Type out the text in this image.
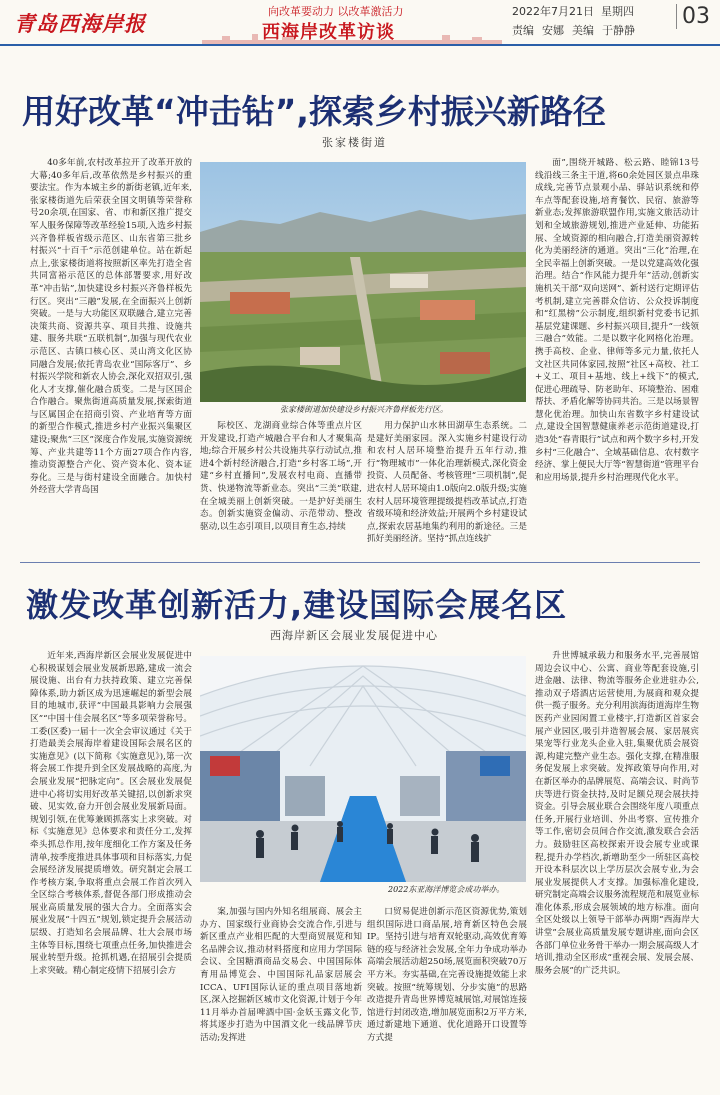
青岛西海岸报	向改革要动力 以改革激活力
西海岸改革访谈
2022年7月21日 星期四
责编 安娜 美编 于静静
03
用好改革“冲击钻”,探索乡村振兴新路径
张家楼街道

40多年前,农村改革拉开了改革开放的大幕;40多年后,改革依然是乡村振兴的重要法宝。作为本城主乡的新街老镇,近年来,张家楼街道先后荣获全国文明镇等荣誉称号20余项,在国家、省、市和新区推广提交军人服务保障等改革经验15项,入选乡村振兴齐鲁样板省级示范区、山东省第三批乡村振兴“十百千”示范创建单位。站在新起点上,张家楼街道将按照新区率先打造全省共同富裕示范区的总体部署要求,用好改革“冲击钻”,加快建设乡村振兴齐鲁样板先行区。突出“三融”发展,在全面振兴上创新突破。一是与大功能区双联融合,建立完善决策共商、资源共享、项目共推、设施共建、服务共联“五联机制”,加强与现代农业示范区、古镇口核心区、灵山湾文化区协同融合发展;依托青岛农业“国际客厅”、乡村振兴学院和新农人协会,深化双招双引,强化人才支撑,催化融合质变。二是与区国企合作融合。聚焦街道高质量发展,探索街道与区属国企在招商引资、产业培育等方面的新型合作模式,推进乡村产业振兴集聚区建设;聚焦“三区”深度合作发展,实施资源统筹、产业共建等11个方面27项合作内容,推动资源整合产化、资产资本化、资本证券化。三是与街村建设全面融合。加快村外经营大学青岛国

张家楼街道加快建设乡村振兴齐鲁样板先行区。

际校区、龙湖商业综合体等重点片区开发建设,打造产城融合平台和人才聚集高地;综合开展乡村公共设施共享行动试点,推进4个新村经济融合,打造“乡村客工场”,开建“乡村直播间”,发展农村电商、直播带货、快递物流等新业态。突出“三美”联建,在全城美丽上创新突破。一是护好美丽生态。创新实施资金偏动、示范带动、整改驱动,以生态引项目,以项目育生态,持续

用力保护山水林田湖草生态系统。二是建好美丽家园。深入实施乡村建设行动和农村人居环境整治提升五年行动,推行“物理城市”一体化治理新模式,深化资金投资、人员配备、考核管理“三项机制”,促进农村人居环境由1.0版向2.0版升级;实施农村人居环境管理提级提档改革试点,打造省级环境和经济效益;开展两个乡村建设试点,探索农居基地集约利用的新途径。三是抓好美丽经济。坚持“抓点连线扩

面”,围绕开城路、松云路、睦锦13号线沿线三条主干道,将60余处园区景点串珠成线,完善节点景观小品、驿站识系统和停车点等配套设施,培育餐饮、民宿、旅游等新业态;发挥旅游联盟作用,实施文旅活动计划和全域旅游规划,推进产业延伸、功能拓展、全域资源的相向融合,打造美丽资源转化为美丽经济的通道。突出“三化”治理,在全民幸福上创新突破。一是以党建高效化强治理。结合“作风能力提升年”活动,创新实施机关干部“双向送网”、新村送行定期评估考机制,建立完善群众信访、公众投诉制度和“红黑榜”公示制度,组织新村党委书记抓基层党建课题、乡村振兴项目,提升“一线领三融合”效能。二是以数字化网格化治理。携手高校、企业、律师等多元力量,依托人文社区共同体家园,按照“社区+高校、社工+义工、项目+基地、线上+线下”的模式,促进心理疏导、防老助年、环境整治、困难帮扶、矛盾化解等协同共治。三是以场景智慧化优治理。加快山东省数字乡村建设试点,建设全国智慧健康养老示范街道建设,打造3处“春青眼行”试点和两个数字乡村,开发乡村“三化融合”、全域基础信息、农村数字经济、掌上便民大厅等“智慧街道”管理平台和应用场景,提升乡村治理现代化水平。

激发改革创新活力,建设国际会展名区
西海岸新区会展业发展促进中心

近年来,西海岸新区会展业发展促进中心积极谋划会展业发展新思路,建成一流会展设施、出台有力扶持政策、建立完善保障体系,助力新区成为迅速崛起的新型会展目的地城市,获评“中国最具影响力会展强区”“中国十佳会展名区”等多项荣誉称号。工委(区委)一届十一次全会审议通过《关于打造最美会展海岸着建设国际会展名区的实施意见》(以下简称《实施意见》),第一次将会展工作提升到全区发展战略的高度,为会展业发展“把脉定向”。区会展业发展促进中心将切实用好改革关键招,以创新求突破、见实效,奋力开创会展业发展新局面。规划引领,在优筹兼顾抓落实上求突破。对标《实施意见》总体要求和责任分工,发挥牵头抓总作用,按年度细化工作方案及任务清单,按季度推进具体事项和目标落实,力促会展经济发展提质增效。研究制定会展工作考核方案,争取将重点会展工作首次列入全区综合考核体系,督促各部门形成推动会展业高质量发展的强大合力。全面落实会展业发展“十四五”规划,锁定提升会展活动层级、打造知名会展品牌、壮大会展市场主体等目标,围绕七项重点任务,加快推进会展业转型升级。抢抓机遇,在招展引会提质上求突破。精心制定疫情下招展引会方

2022东亚海洋博览会成功举办。

案,加强与国内外知名组展商、展会主办方、国家级行业商协会交流合作,引进与新区重点产业相匹配的大型商贸展览和知名品牌会议,推动材料搭度和应用力学国际会议、全国糖酒商品交易会、中国国际体育用品博览会、中国国际礼品家居展会ICCA、UFI国际认证的重点项目落地新区,深入挖掘新区城市文化资源,计划于今年11月举办首届啤酒中国·金妖玉露文化节,将其逐步打造为中国酒文化一线品牌节庆活动;发挥进

口贸易促进创新示范区资源优势,策划组织国际进口商品展,培育新区特色会展IP。坚持引进与培育双轮驱动,高效优育筹链的疫与经济社会发展,全年力争成功举办高端会展活动超250场,展览面积突破70万平方米。夯实基础,在完善设施提效能上求突破。按照“统筹规划、分步实施”的思路改造提升青岛世界博览城展馆,对展馆连接馆进行封闭改造,增加展览面积2万平方米,通过新建地下通道、优化道路开口设置等方式提

升世博城承载力和服务水平,完善展馆周边会议中心、公寓、商业等配套设施,引进金融、法律、物流等服务企业进驻办公,推动双子塔酒店运营使用,为展商和观众提供一揽子服务。充分利用滨海街道海岸生物医药产业园闲置工业楼宇,打造新区首家会展产业园区,吸引并造智展会展、家居展宾果宠等行业龙头企业入驻,集聚优质会展资源,构建完整产业生态。强化支撑,在精准服务促发展上求突破。发挥政策导向作用,对在新区举办的品牌展览、高端会议、时尚节庆等进行资金扶持,及时足额兑现会展扶持资金。引导会展业联合会围绕年度八项重点任务,开展行业培训、外出考察、宣传推介等工作,密切会员间合作交流,激发联合会活力。鼓励驻区高校探索开设会展专业或课程,提升办学档次,新增助至少一所驻区高校开设本科层次以上学历层次会展专业,为会展业发展提供人才支撑。加强标准化建设,研究制定高端会议服务流程规范和展览业标准化体系,形成会展领域的地方标准。面向全区处级以上领导干部举办两期“西海岸大讲堂”会展业高质量发展专题讲座,面向会区各部门单位业务骨干举办一期会展高级人才培训,推动全区形成“重视会展、发展会展、服务会展”的广泛共识。
